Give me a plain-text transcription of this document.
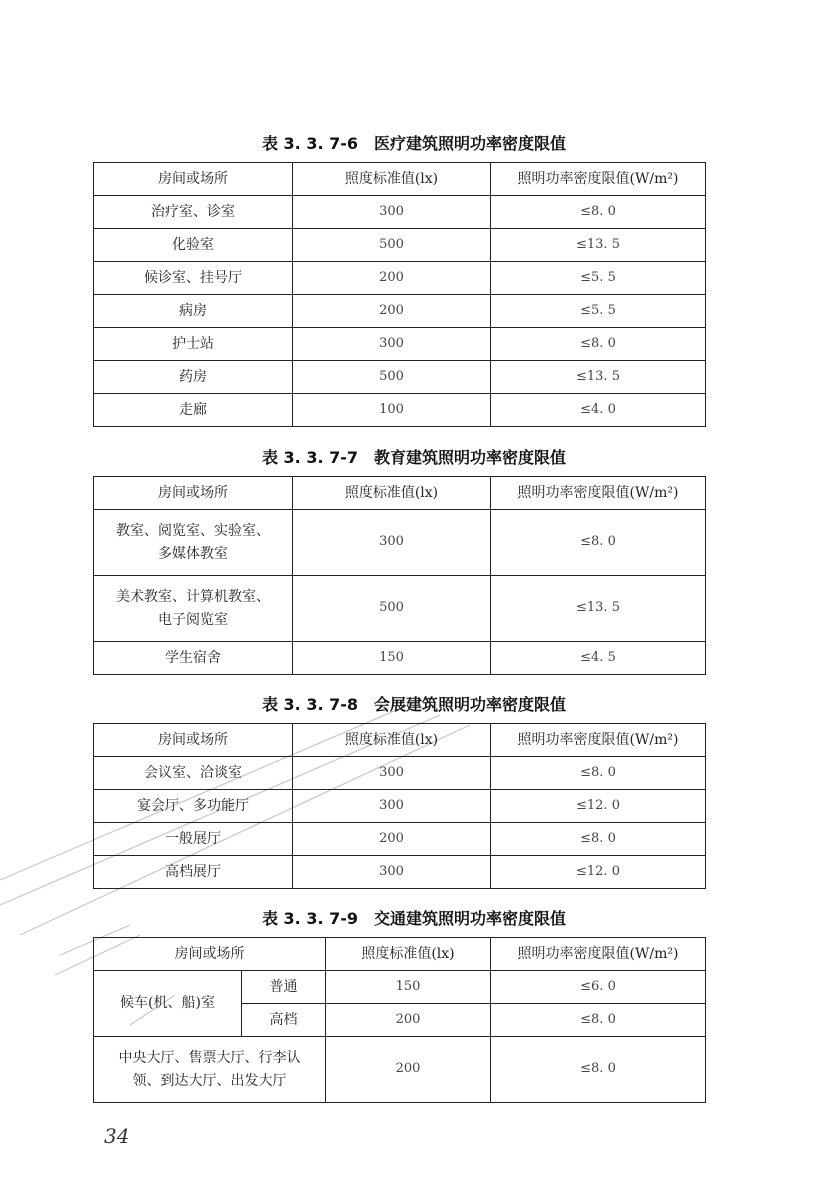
表 3. 3. 7-6　医疗建筑照明功率密度限值
房间或场所	照度标准值(lx)	照明功率密度限值(W/m²)
治疗室、诊室	300	≤8. 0
化验室	500	≤13. 5
候诊室、挂号厅	200	≤5. 5
病房	200	≤5. 5
护士站	300	≤8. 0
药房	500	≤13. 5
走廊	100	≤4. 0
表 3. 3. 7-7　教育建筑照明功率密度限值
房间或场所	照度标准值(lx)	照明功率密度限值(W/m²)
教室、阅览室、实验室、多媒体教室	300	≤8. 0
美术教室、计算机教室、电子阅览室	500	≤13. 5
学生宿舍	150	≤4. 5
表 3. 3. 7-8　会展建筑照明功率密度限值
房间或场所	照度标准值(lx)	照明功率密度限值(W/m²)
会议室、洽谈室	300	≤8. 0
宴会厅、多功能厅	300	≤12. 0
一般展厅	200	≤8. 0
高档展厅	300	≤12. 0
表 3. 3. 7-9　交通建筑照明功率密度限值
房间或场所		照度标准值(lx)	照明功率密度限值(W/m²)
候车(机、船)室	普通	150	≤6. 0
	高档	200	≤8. 0
中央大厅、售票大厅、行李认领、到达大厅、出发大厅		200	≤8. 0
34
